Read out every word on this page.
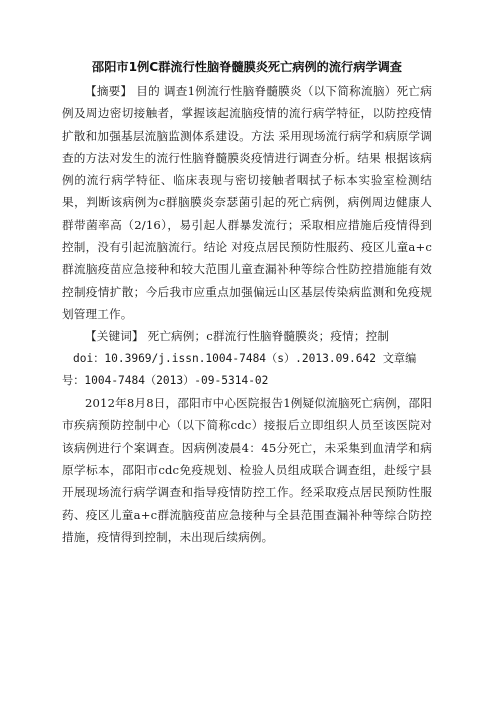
邵阳市1例C群流行性脑脊髓膜炎死亡病例的流行病学调查

【摘要】 目的 调查1例流行性脑脊髓膜炎（以下简称流脑）死亡病例及周边密切接触者，掌握该起流脑疫情的流行病学特征，以防控疫情扩散和加强基层流脑监测体系建设。方法 采用现场流行病学和病原学调查的方法对发生的流行性脑脊髓膜炎疫情进行调查分析。结果 根据该病例的流行病学特征、临床表现与密切接触者咽拭子标本实验室检测结果，判断该病例为c群脑膜炎奈瑟菌引起的死亡病例，病例周边健康人群带菌率高（2/16），易引起人群暴发流行；采取相应措施后疫情得到控制，没有引起流脑流行。结论 对疫点居民预防性服药、疫区儿童a+c群流脑疫苗应急接种和较大范围儿童查漏补种等综合性防控措施能有效控制疫情扩散；今后我市应重点加强偏远山区基层传染病监测和免疫规划管理工作。

【关键词】 死亡病例；c群流行性脑脊髓膜炎；疫情；控制

doi：10.3969/j.issn.1004-7484（s）.2013.09.642 文章编号：1004-7484（2013）-09-5314-02

2012年8月8日，邵阳市中心医院报告1例疑似流脑死亡病例，邵阳市疾病预防控制中心（以下简称cdc）接报后立即组织人员至该医院对该病例进行个案调查。因病例凌晨4：45分死亡，未采集到血清学和病原学标本，邵阳市cdc免疫规划、检验人员组成联合调查组，赴绥宁县开展现场流行病学调查和指导疫情防控工作。经采取疫点居民预防性服药、疫区儿童a+c群流脑疫苗应急接种与全县范围查漏补种等综合防控措施，疫情得到控制，未出现后续病例。
